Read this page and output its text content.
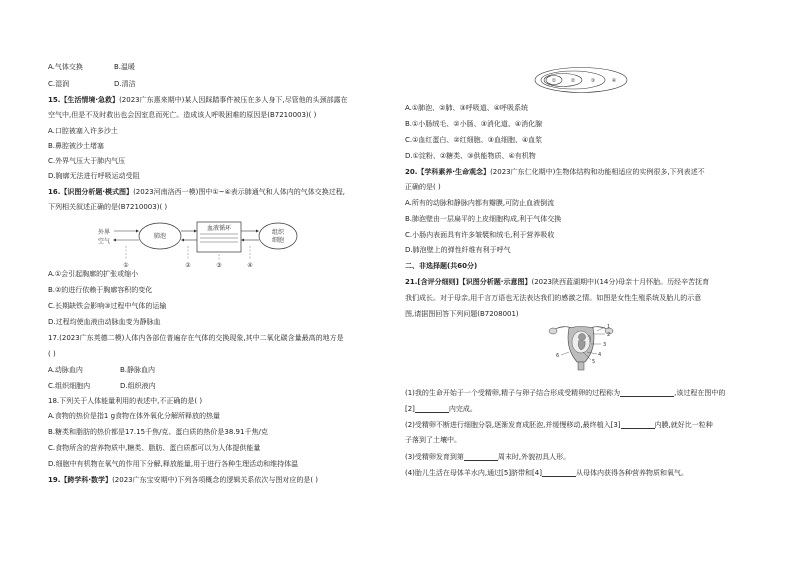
A.气体交换	B.温暖
C.湿润	D.清洁
15.【生活情境·急救】(2023广东惠来期中)某人因踩踏事件被压在多人身下,尽管他的头颈部露在
空气中,但是不及时救出也会因室息而死亡。造成该人呼吸困难的原因是(B7210003)( )
A.口腔被塞入许多沙土
B.鼻腔被沙土堵塞
C.外界气压大于肺内气压
D.胸廓无法进行呼吸运动受阻
16.【识图分析题·模式图】(2023河南洛西一模)图中①~④表示肺通气和人体内的气体交换过程,
下列相关叙述正确的是(B7210003)( )
外界
空气
肺泡
血液循环
组织
细胞
①	②	③	④
A.①会引起胸廓的扩张或缩小
B.②的进行依赖于胸廓容积的变化
C.长期缺铁会影响③过程中气体的运输
D.过程均使血液由动脉血变为静脉血
17.(2023广东英德二模)人体内各部位普遍存在气体的交换现象,其中二氧化碳含量最高的地方是
( )
A.动脉血内	B.静脉血内
C.组织细胞内	D.组织液内
18.下列关于人体能量利用的表述中,不正确的是( )
A.食物的热价是指1 g食物在体外氧化分解所释放的热量
B.糖类和脂肪的热价都是17.15千焦/克、蛋白质的热价是38.91千焦/克
C.食物所含的营养物质中,糖类、脂肪、蛋白质都可以为人体提供能量
D.细胞中有机物在氧气的作用下分解,释放能量,用于进行各种生理活动和维持体温
19.【跨学科·数学】(2023广东宝安期中)下列各项概念的逻辑关系依次与图对应的是( )
①	②	③	④
A.①肺泡、②肺、③呼吸道、④呼吸系统
B.①小肠绒毛、②小肠、③消化道、④消化腺
C.①血红蛋白、②红细胞、③血细胞、④血浆
D.①淀粉、②糖类、③供能物质、④有机物
20.【学科素养·生命观念】(2023广东仁化期中)生物体结构和功能相适应的实例很多,下列表述不
正确的是( )
A.所有的动脉和静脉内都有瓣膜,可防止血液倒流
B.肺泡壁由一层扁平的上皮细胞构成,利于气体交换
C.小肠内表面具有许多皱襞和绒毛,利于营养吸收
D.肺泡壁上的弹性纤维有利于呼气
二、非选择题(共60分)
21.[含评分细则]【识图分析题·示意图】(2023陕西蓝湖期中)(14分)母亲十月怀胎。历经辛苦抚育
我们成长。对于母亲,用千言万语也无法表达我们的感激之情。如图是女性生殖系统及胎儿的示意
图,请据图回答下列问题(B7208001)
1
2
3
4
5
6
(1)我的生命开始于一个受精卵,精子与卵子结合形成受精卵的过程称为	,该过程在图中的
[2]	内完成。
(2)受精卵不断进行细胞分裂,逐渐发育成胚泡,并缓慢移动,最终植入[3]	内膜,就好比一粒种
子落到了土壤中。
(3)受精卵发育到第	周末时,外貌初具人形。
(4)胎儿生活在母体羊水内,通过[5]脐带和[4]	从母体内获得各种营养物质和氧气。
